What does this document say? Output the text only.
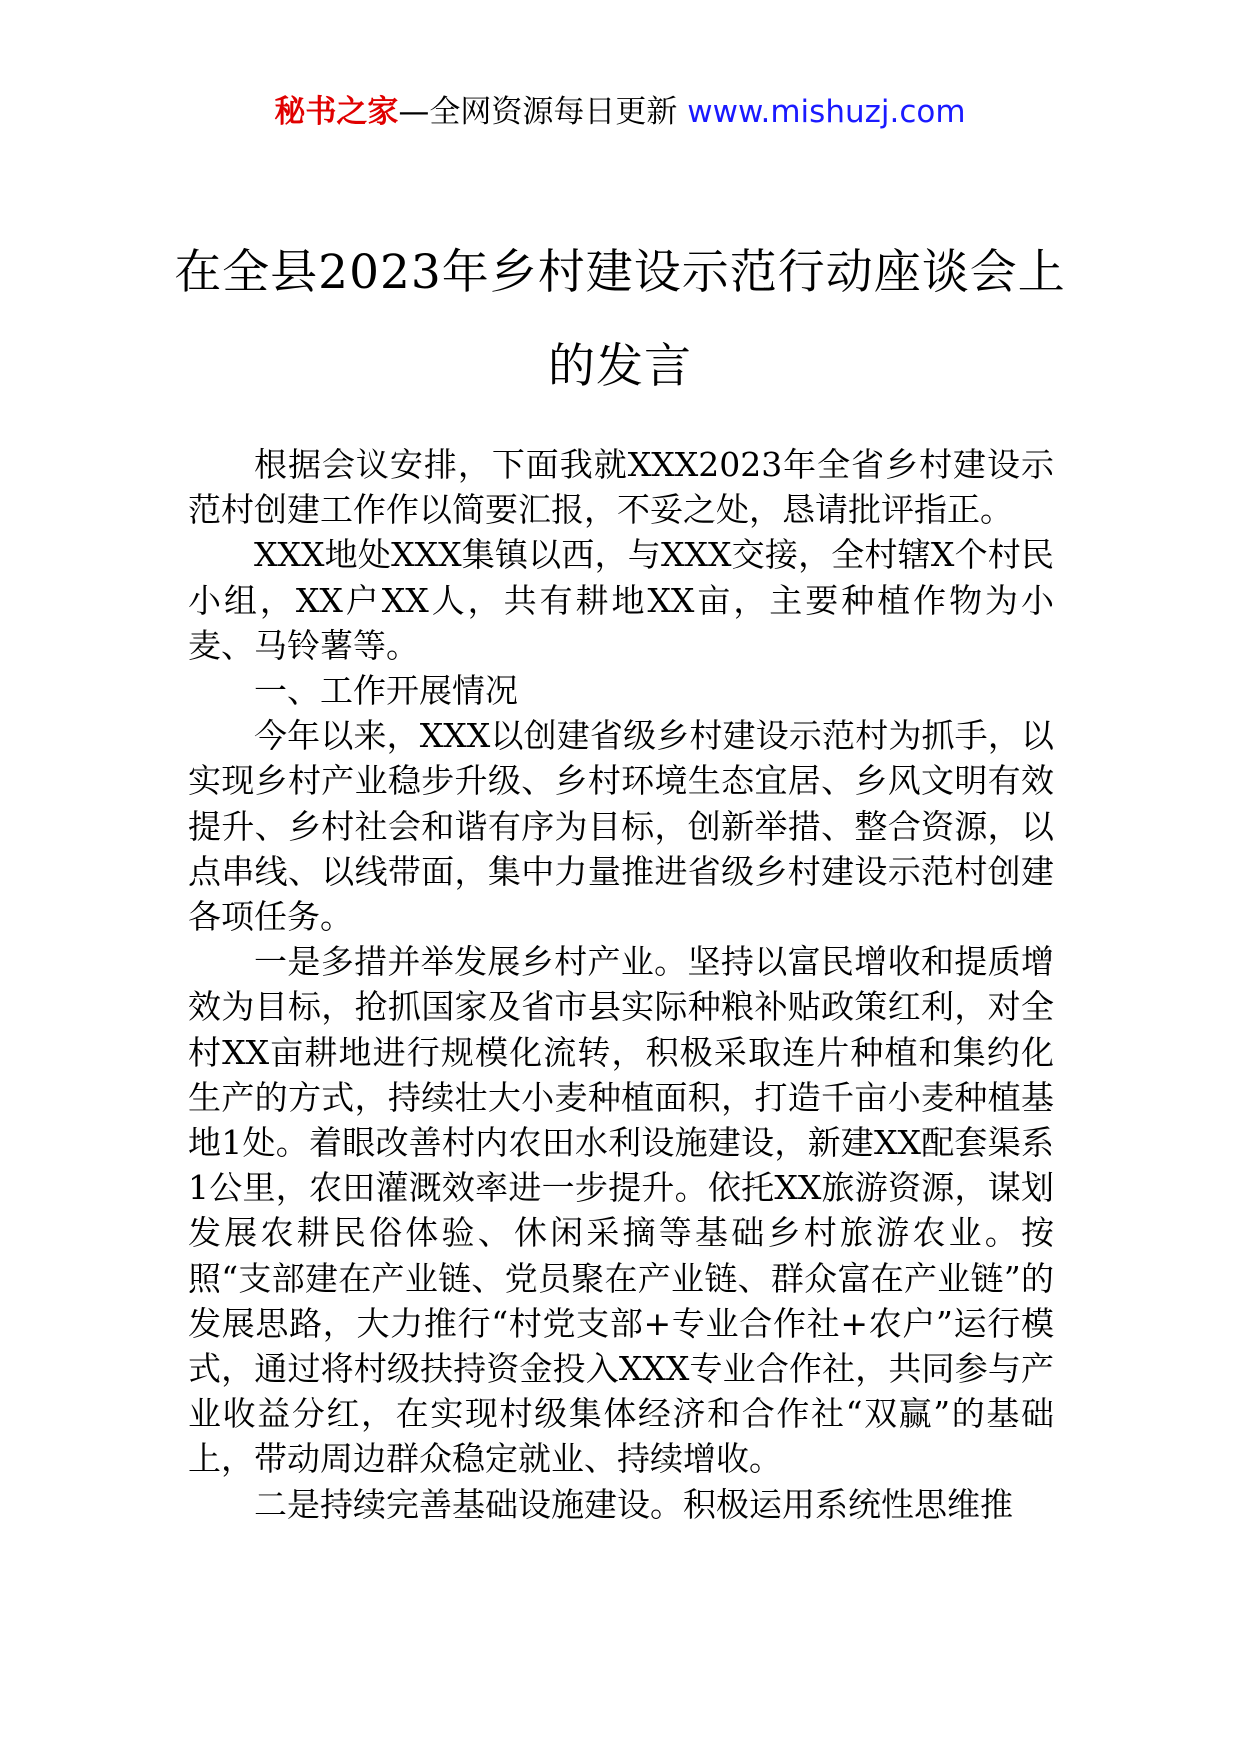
秘书之家—全网资源每日更新 www.mishuzj.com
在全县2023年乡村建设示范行动座谈会上
的发言

根据会议安排，下面我就XXX2023年全省乡村建设示范村创建工作作以简要汇报，不妥之处，恳请批评指正。

XXX地处XXX集镇以西，与XXX交接，全村辖X个村民小组，XX户XX人，共有耕地XX亩，主要种植作物为小麦、马铃薯等。

一、工作开展情况

今年以来，XXX以创建省级乡村建设示范村为抓手，以实现乡村产业稳步升级、乡村环境生态宜居、乡风文明有效提升、乡村社会和谐有序为目标，创新举措、整合资源，以点串线、以线带面，集中力量推进省级乡村建设示范村创建各项任务。

一是多措并举发展乡村产业。坚持以富民增收和提质增效为目标，抢抓国家及省市县实际种粮补贴政策红利，对全村XX亩耕地进行规模化流转，积极采取连片种植和集约化生产的方式，持续壮大小麦种植面积，打造千亩小麦种植基地1处。着眼改善村内农田水利设施建设，新建XX配套渠系1公里，农田灌溉效率进一步提升。依托XX旅游资源，谋划发展农耕民俗体验、休闲采摘等基础乡村旅游农业。按照“支部建在产业链、党员聚在产业链、群众富在产业链”的发展思路，大力推行“村党支部+专业合作社+农户”运行模式，通过将村级扶持资金投入XXX专业合作社，共同参与产业收益分红，在实现村级集体经济和合作社“双赢”的基础上，带动周边群众稳定就业、持续增收。

二是持续完善基础设施建设。积极运用系统性思维推
